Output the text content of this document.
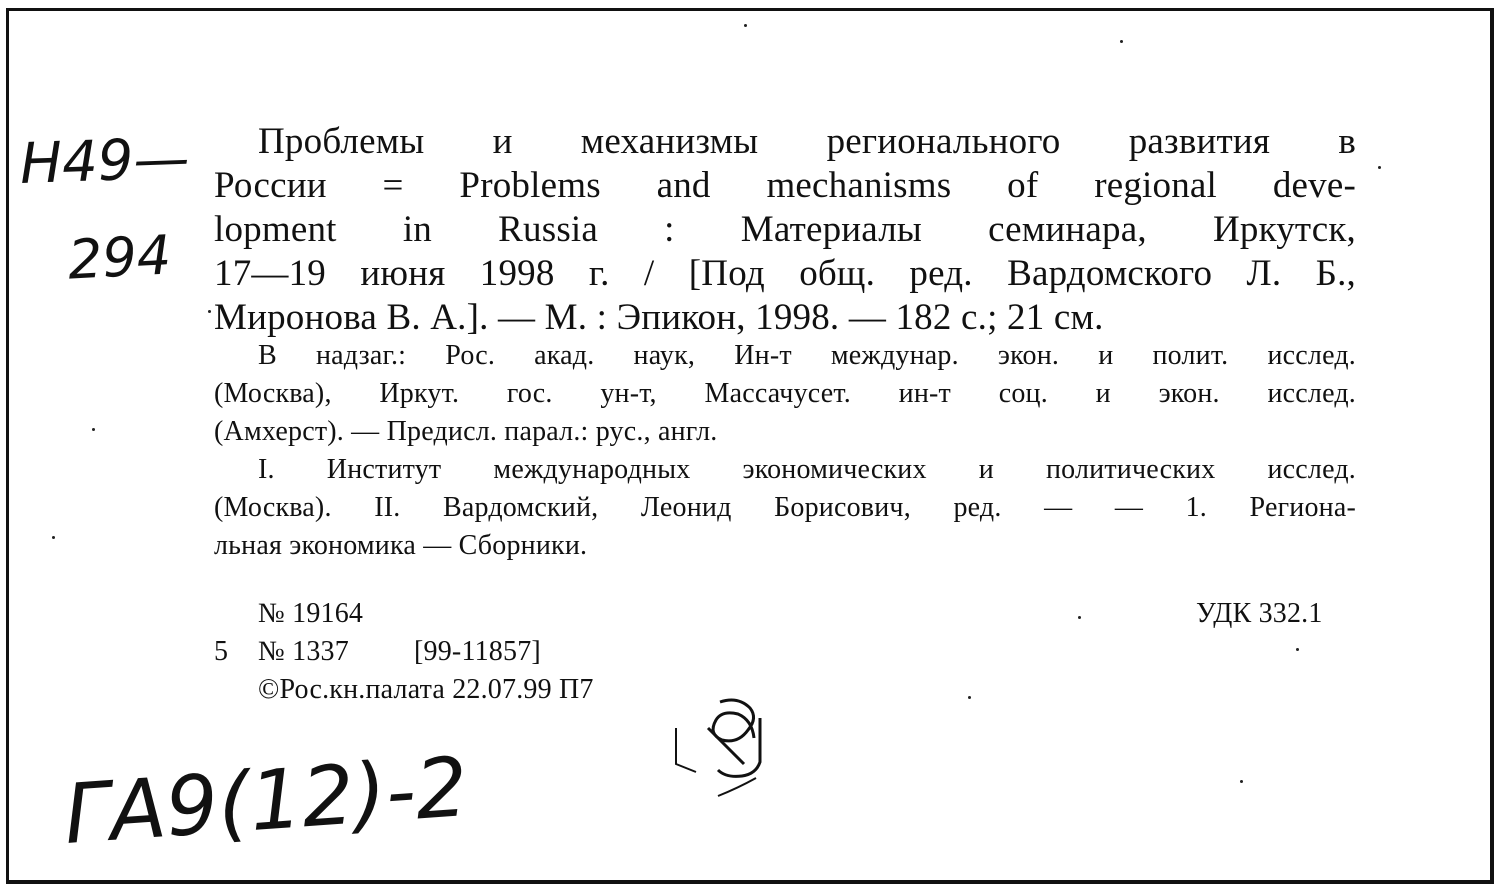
Н49—
294
Проблемы и механизмы регионального развития в
России = Problems and mechanisms of regional deve-
lopment in Russia : Материалы семинара, Иркутск,
17—19 июня 1998 г. / [Под общ. ред. Вардомского Л. Б.,
Миронова В. А.]. — М. : Эпикон, 1998. — 182 с.; 21 см.
В надзаг.: Рос. акад. наук, Ин-т междунар. экон. и полит. исслед.
(Москва), Иркут. гос. ун-т, Массачусет. ин-т соц. и экон. исслед.
(Амхерст). — Предисл. парал.: рус., англ.
I. Институт международных экономических и политических исслед.
(Москва). II. Вардомский, Леонид Борисович, ред. — — 1. Региона-
льная экономика — Сборники.
№ 19164	УДК 332.1
5 № 1337 [99-11857]
©Рос.кн.палата 22.07.99 П7
ГА9(12)-2
